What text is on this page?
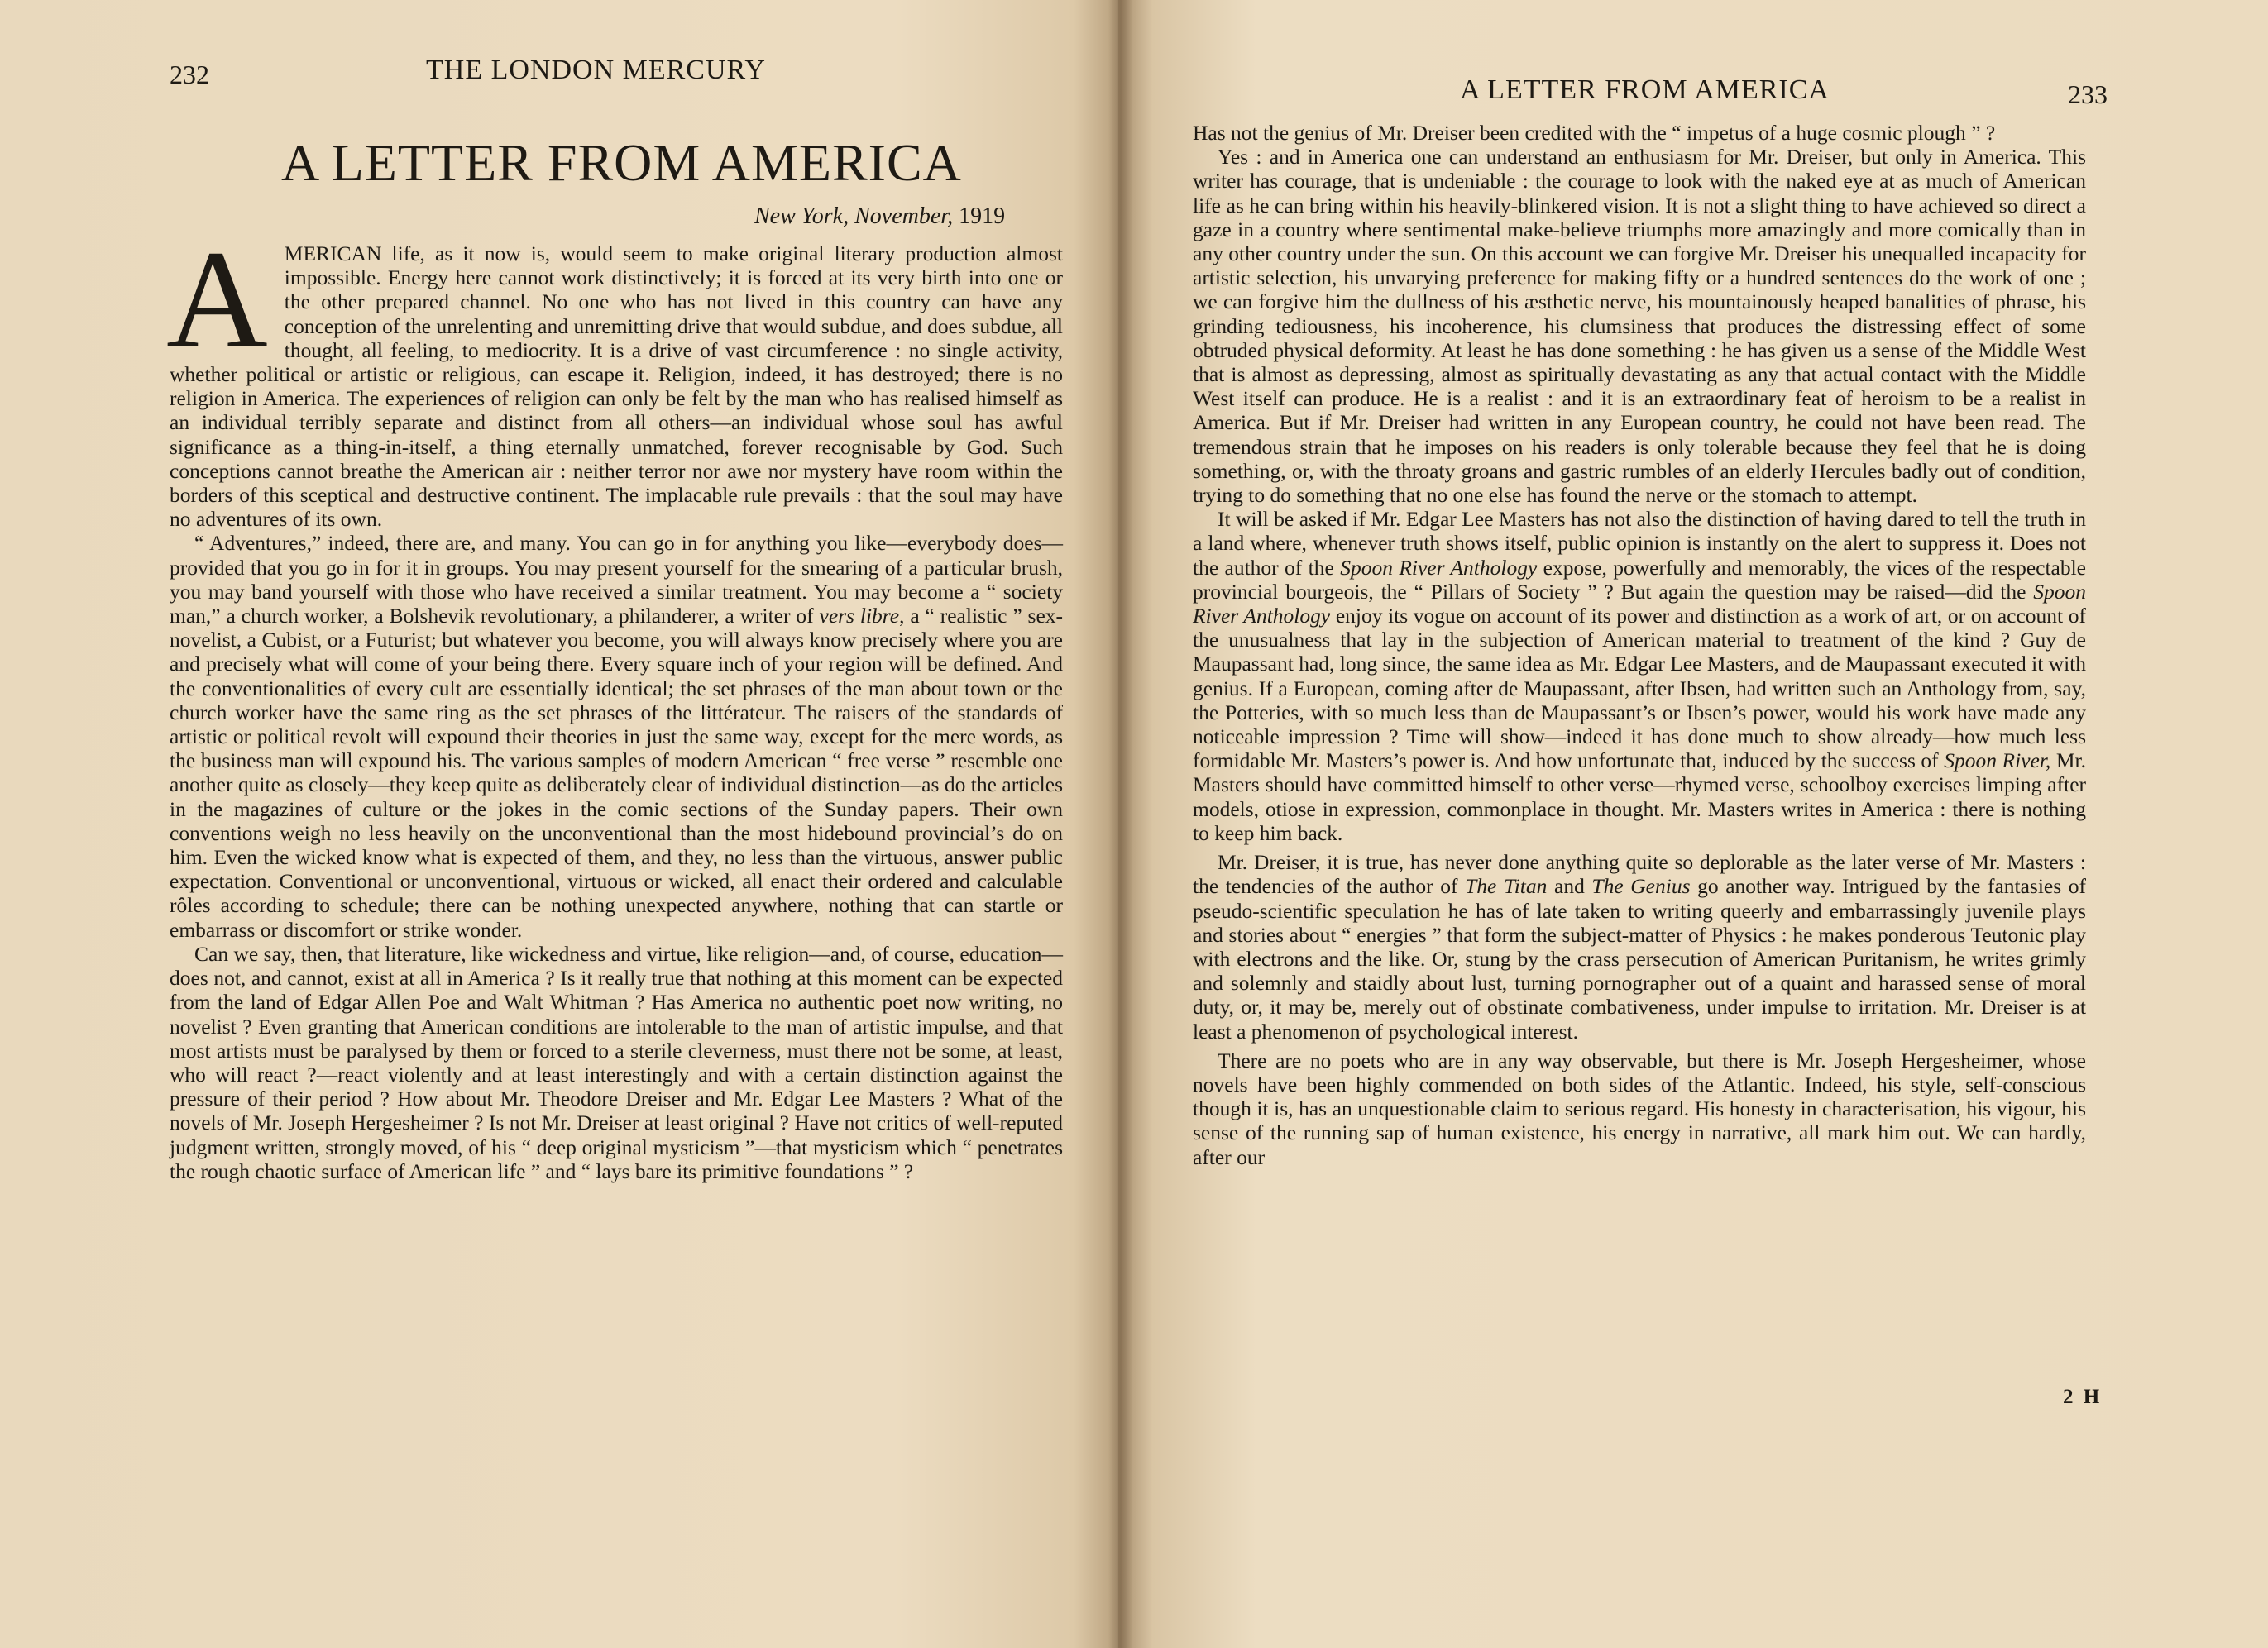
232	THE LONDON MERCURY
A LETTER FROM AMERICA
New York, November, 1919

AMERICAN life, as it now is, would seem to make original literary production almost impossible. Energy here cannot work distinctively; it is forced at its very birth into one or the other prepared channel. No one who has not lived in this country can have any conception of the unrelenting and unremitting drive that would subdue, and does subdue, all thought, all feeling, to mediocrity. It is a drive of vast circumference : no single activity, whether political or artistic or religious, can escape it. Religion, indeed, it has destroyed; there is no religion in America. The experiences of religion can only be felt by the man who has realised himself as an individual terribly separate and distinct from all others—an individual whose soul has awful significance as a thing-in-itself, a thing eternally unmatched, forever recognisable by God. Such conceptions cannot breathe the American air : neither terror nor awe nor mystery have room within the borders of this sceptical and destructive continent. The implacable rule prevails : that the soul may have no adventures of its own.

“ Adventures,” indeed, there are, and many. You can go in for anything you like—everybody does—provided that you go in for it in groups. You may present yourself for the smearing of a particular brush, you may band yourself with those who have received a similar treatment. You may become a “ society man,” a church worker, a Bolshevik revolutionary, a philanderer, a writer of vers libre, a “ realistic ” sex-novelist, a Cubist, or a Futurist; but whatever you become, you will always know precisely where you are and precisely what will come of your being there. Every square inch of your region will be defined. And the conventionalities of every cult are essentially identical; the set phrases of the man about town or the church worker have the same ring as the set phrases of the littérateur. The raisers of the standards of artistic or political revolt will expound their theories in just the same way, except for the mere words, as the business man will expound his. The various samples of modern American “ free verse ” resemble one another quite as closely—they keep quite as deliberately clear of individual distinction—as do the articles in the magazines of culture or the jokes in the comic sections of the Sunday papers. Their own conventions weigh no less heavily on the unconventional than the most hidebound provincial’s do on him. Even the wicked know what is expected of them, and they, no less than the virtuous, answer public expectation. Conventional or unconventional, virtuous or wicked, all enact their ordered and calculable rôles according to schedule; there can be nothing unexpected anywhere, nothing that can startle or embarrass or discomfort or strike wonder.

Can we say, then, that literature, like wickedness and virtue, like religion—and, of course, education—does not, and cannot, exist at all in America ? Is it really true that nothing at this moment can be expected from the land of Edgar Allen Poe and Walt Whitman ? Has America no authentic poet now writing, no novelist ? Even granting that American conditions are intolerable to the man of artistic impulse, and that most artists must be paralysed by them or forced to a sterile cleverness, must there not be some, at least, who will react ?—react violently and at least interestingly and with a certain distinction against the pressure of their period ? How about Mr. Theodore Dreiser and Mr. Edgar Lee Masters ? What of the novels of Mr. Joseph Hergesheimer ? Is not Mr. Dreiser at least original ? Have not critics of well-reputed judgment written, strongly moved, of his “ deep original mysticism ”—that mysticism which “ penetrates the rough chaotic surface of American life ” and “ lays bare its primitive foundations ” ?

A LETTER FROM AMERICA	233

Has not the genius of Mr. Dreiser been credited with the “ impetus of a huge cosmic plough ” ?

Yes : and in America one can understand an enthusiasm for Mr. Dreiser, but only in America. This writer has courage, that is undeniable : the courage to look with the naked eye at as much of American life as he can bring within his heavily-blinkered vision. It is not a slight thing to have achieved so direct a gaze in a country where sentimental make-believe triumphs more amazingly and more comically than in any other country under the sun. On this account we can forgive Mr. Dreiser his unequalled incapacity for artistic selection, his unvarying preference for making fifty or a hundred sentences do the work of one ; we can forgive him the dullness of his æsthetic nerve, his mountainously heaped banalities of phrase, his grinding tediousness, his incoherence, his clumsiness that produces the distressing effect of some obtruded physical deformity. At least he has done something : he has given us a sense of the Middle West that is almost as depressing, almost as spiritually devastating as any that actual contact with the Middle West itself can produce. He is a realist : and it is an extraordinary feat of heroism to be a realist in America. But if Mr. Dreiser had written in any European country, he could not have been read. The tremendous strain that he imposes on his readers is only tolerable because they feel that he is doing something, or, with the throaty groans and gastric rumbles of an elderly Hercules badly out of condition, trying to do something that no one else has found the nerve or the stomach to attempt.

It will be asked if Mr. Edgar Lee Masters has not also the distinction of having dared to tell the truth in a land where, whenever truth shows itself, public opinion is instantly on the alert to suppress it. Does not the author of the Spoon River Anthology expose, powerfully and memorably, the vices of the respectable provincial bourgeois, the “ Pillars of Society ” ? But again the question may be raised—did the Spoon River Anthology enjoy its vogue on account of its power and distinction as a work of art, or on account of the unusualness that lay in the subjection of American material to treatment of the kind ? Guy de Maupassant had, long since, the same idea as Mr. Edgar Lee Masters, and de Maupassant executed it with genius. If a European, coming after de Maupassant, after Ibsen, had written such an Anthology from, say, the Potteries, with so much less than de Maupassant’s or Ibsen’s power, would his work have made any noticeable impression ? Time will show—indeed it has done much to show already—how much less formidable Mr. Masters’s power is. And how unfortunate that, induced by the success of Spoon River, Mr. Masters should have committed himself to other verse—rhymed verse, schoolboy exercises limping after models, otiose in expression, commonplace in thought. Mr. Masters writes in America : there is nothing to keep him back.

Mr. Dreiser, it is true, has never done anything quite so deplorable as the later verse of Mr. Masters : the tendencies of the author of The Titan and The Genius go another way. Intrigued by the fantasies of pseudo-scientific speculation he has of late taken to writing queerly and embarrassingly juvenile plays and stories about “ energies ” that form the subject-matter of Physics : he makes ponderous Teutonic play with electrons and the like. Or, stung by the crass persecution of American Puritanism, he writes grimly and solemnly and staidly about lust, turning pornographer out of a quaint and harassed sense of moral duty, or, it may be, merely out of obstinate combativeness, under impulse to irritation. Mr. Dreiser is at least a phenomenon of psychological interest.

There are no poets who are in any way observable, but there is Mr. Joseph Hergesheimer, whose novels have been highly commended on both sides of the Atlantic. Indeed, his style, self-conscious though it is, has an unquestionable claim to serious regard. His honesty in characterisation, his vigour, his sense of the running sap of human existence, his energy in narrative, all mark him out. We can hardly, after our

2 H
